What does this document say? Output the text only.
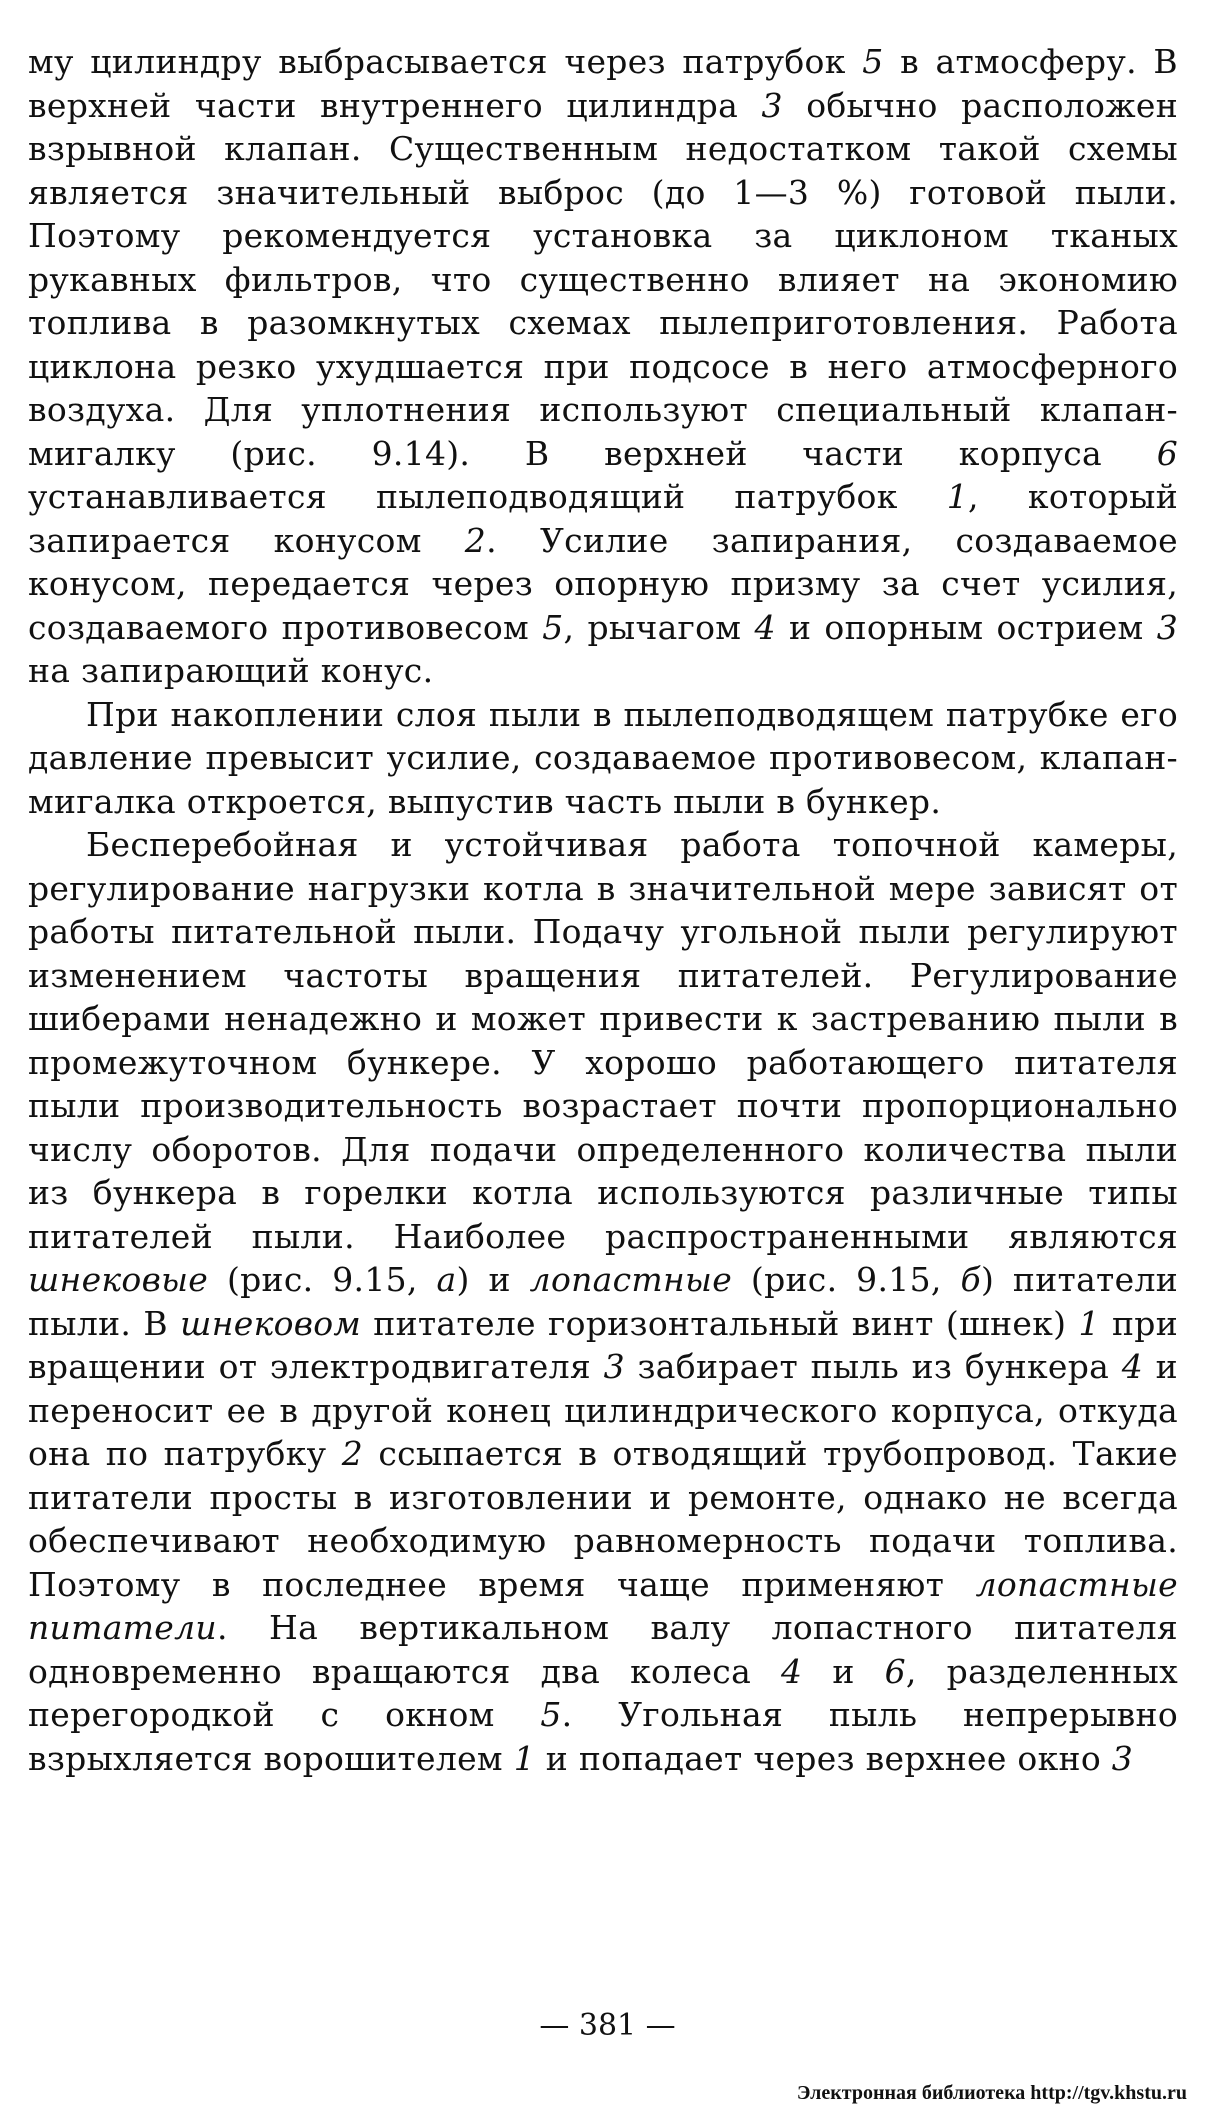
му цилиндру выбрасывается через патрубок 5 в атмосферу. В верхней части внутреннего цилиндра 3 обычно расположен взрывной клапан. Существенным недостатком такой схемы является значительный выброс (до 1—3 %) готовой пыли. Поэтому рекомендуется установка за циклоном тканых рукавных фильтров, что существенно влияет на экономию топлива в разомкнутых схемах пылеприготовления. Работа циклона резко ухудшается при подсосе в него атмосферного воздуха. Для уплотнения используют специальный клапан-мигалку (рис. 9.14). В верхней части корпуса 6 устанавливается пылеподводящий патрубок 1, который запирается конусом 2. Усилие запирания, создаваемое конусом, передается через опорную призму за счет усилия, создаваемого противовесом 5, рычагом 4 и опорным острием 3 на запирающий конус.

При накоплении слоя пыли в пылеподводящем патрубке его давление превысит усилие, создаваемое противовесом, клапан-мигалка откроется, выпустив часть пыли в бункер.

Бесперебойная и устойчивая работа топочной камеры, регулирование нагрузки котла в значительной мере зависят от работы питательной пыли. Подачу угольной пыли регулируют изменением частоты вращения питателей. Регулирование шиберами ненадежно и может привести к застреванию пыли в промежуточном бункере. У хорошо работающего питателя пыли производительность возрастает почти пропорционально числу оборотов. Для подачи определенного количества пыли из бункера в горелки котла используются различные типы питателей пыли. Наиболее распространенными являются шнековые (рис. 9.15, а) и лопастные (рис. 9.15, б) питатели пыли. В шнековом питателе горизонтальный винт (шнек) 1 при вращении от электродвигателя 3 забирает пыль из бункера 4 и переносит ее в другой конец цилиндрического корпуса, откуда она по патрубку 2 ссыпается в отводящий трубопровод. Такие питатели просты в изготовлении и ремонте, однако не всегда обеспечивают необходимую равномерность подачи топлива. Поэтому в последнее время чаще применяют лопастные питатели. На вертикальном валу лопастного питателя одновременно вращаются два колеса 4 и 6, разделенных перегородкой с окном 5. Угольная пыль непрерывно взрыхляется ворошителем 1 и попадает через верхнее окно 3

— 381 —
Электронная библиотека http://tgv.khstu.ru
